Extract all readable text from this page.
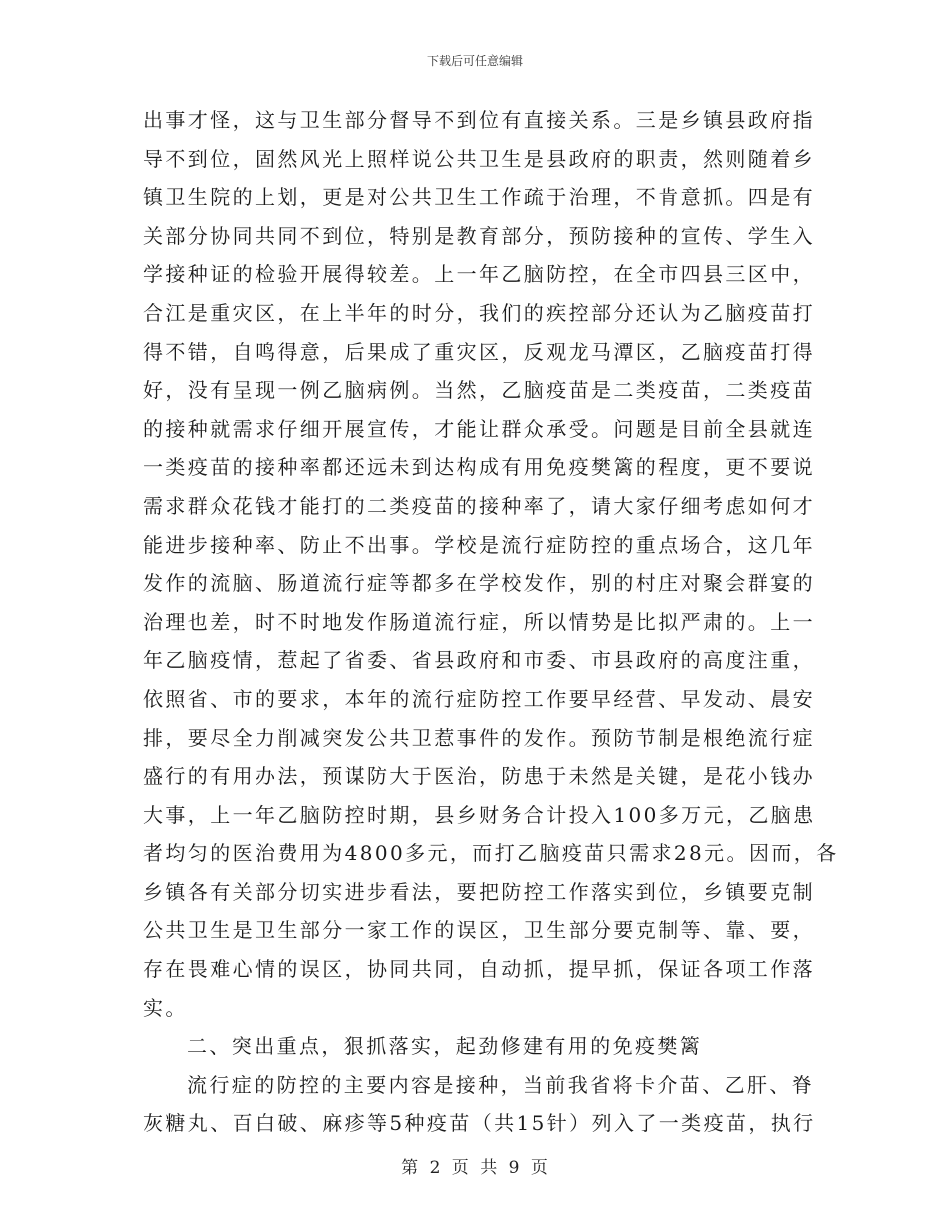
下载后可任意编辑
出事才怪，这与卫生部分督导不到位有直接关系。三是乡镇县政府指
导不到位，固然风光上照样说公共卫生是县政府的职责，然则随着乡
镇卫生院的上划，更是对公共卫生工作疏于治理，不肯意抓。四是有
关部分协同共同不到位，特别是教育部分，预防接种的宣传、学生入
学接种证的检验开展得较差。上一年乙脑防控，在全市四县三区中，
合江是重灾区，在上半年的时分，我们的疾控部分还认为乙脑疫苗打
得不错，自鸣得意，后果成了重灾区，反观龙马潭区，乙脑疫苗打得
好，没有呈现一例乙脑病例。当然，乙脑疫苗是二类疫苗，二类疫苗
的接种就需求仔细开展宣传，才能让群众承受。问题是目前全县就连
一类疫苗的接种率都还远未到达构成有用免疫樊篱的程度，更不要说
需求群众花钱才能打的二类疫苗的接种率了，请大家仔细考虑如何才
能进步接种率、防止不出事。学校是流行症防控的重点场合，这几年
发作的流脑、肠道流行症等都多在学校发作，别的村庄对聚会群宴的
治理也差，时不时地发作肠道流行症，所以情势是比拟严肃的。上一
年乙脑疫情，惹起了省委、省县政府和市委、市县政府的高度注重，
依照省、市的要求，本年的流行症防控工作要早经营、早发动、晨安
排，要尽全力削减突发公共卫惹事件的发作。预防节制是根绝流行症
盛行的有用办法，预谋防大于医治，防患于未然是关键，是花小钱办
大事，上一年乙脑防控时期，县乡财务合计投入100多万元，乙脑患
者均匀的医治费用为4800多元，而打乙脑疫苗只需求28元。因而，各
乡镇各有关部分切实进步看法，要把防控工作落实到位，乡镇要克制
公共卫生是卫生部分一家工作的误区，卫生部分要克制等、靠、要，
存在畏难心情的误区，协同共同，自动抓，提早抓，保证各项工作落
实。
二、突出重点，狠抓落实，起劲修建有用的免疫樊篱
流行症的防控的主要内容是接种，当前我省将卡介苗、乙肝、脊
灰糖丸、百白破、麻疹等5种疫苗（共15针）列入了一类疫苗，执行
第 2 页 共 9 页
